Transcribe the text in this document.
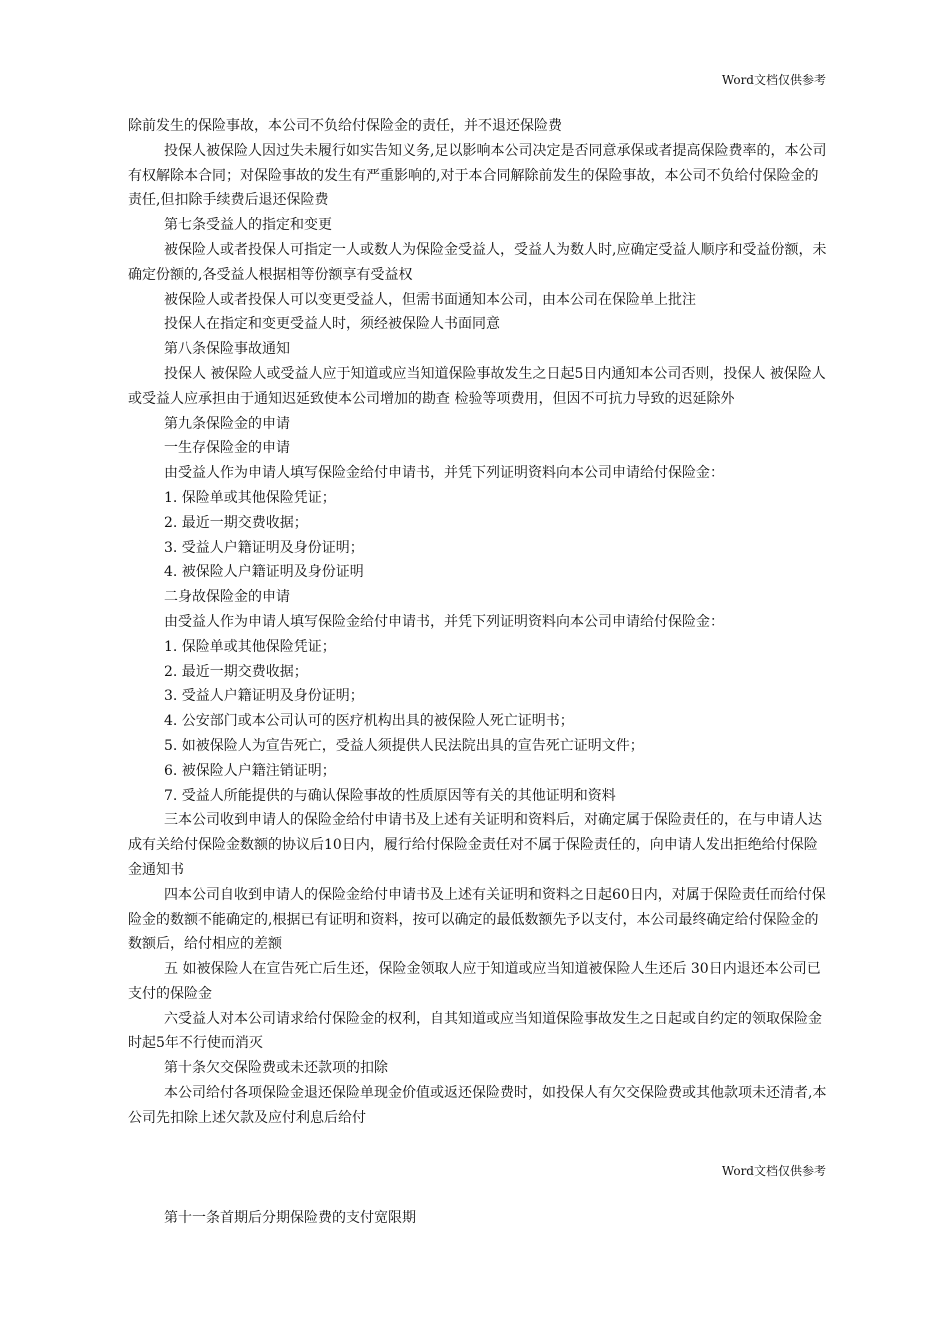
Word文档仅供参考

除前发生的保险事故，本公司不负给付保险金的责任，并不退还保险费

投保人被保险人因过失未履行如实告知义务,足以影响本公司决定是否同意承保或者提高保险费率的，本公司有权解除本合同；对保险事故的发生有严重影响的,对于本合同解除前发生的保险事故，本公司不负给付保险金的责任,但扣除手续费后退还保险费

第七条受益人的指定和变更

被保险人或者投保人可指定一人或数人为保险金受益人，受益人为数人时,应确定受益人顺序和受益份额，未确定份额的,各受益人根据相等份额享有受益权

被保险人或者投保人可以变更受益人，但需书面通知本公司，由本公司在保险单上批注

投保人在指定和变更受益人时，须经被保险人书面同意

第八条保险事故通知

投保人 被保险人或受益人应于知道或应当知道保险事故发生之日起5日内通知本公司否则，投保人 被保险人或受益人应承担由于通知迟延致使本公司增加的勘查 检验等项费用，但因不可抗力导致的迟延除外

第九条保险金的申请

一生存保险金的申请

由受益人作为申请人填写保险金给付申请书，并凭下列证明资料向本公司申请给付保险金：

1. 保险单或其他保险凭证；

2. 最近一期交费收据；

3. 受益人户籍证明及身份证明；

4. 被保险人户籍证明及身份证明

二身故保险金的申请

由受益人作为申请人填写保险金给付申请书，并凭下列证明资料向本公司申请给付保险金：

1. 保险单或其他保险凭证；

2. 最近一期交费收据；

3. 受益人户籍证明及身份证明；

4. 公安部门或本公司认可的医疗机构出具的被保险人死亡证明书；

5. 如被保险人为宣告死亡，受益人须提供人民法院出具的宣告死亡证明文件；

6. 被保险人户籍注销证明；

7. 受益人所能提供的与确认保险事故的性质原因等有关的其他证明和资料

三本公司收到申请人的保险金给付申请书及上述有关证明和资料后，对确定属于保险责任的，在与申请人达成有关给付保险金数额的协议后10日内，履行给付保险金责任对不属于保险责任的，向申请人发出拒绝给付保险金通知书

四本公司自收到申请人的保险金给付申请书及上述有关证明和资料之日起60日内，对属于保险责任而给付保险金的数额不能确定的,根据已有证明和资料，按可以确定的最低数额先予以支付，本公司最终确定给付保险金的数额后，给付相应的差额

五 如被保险人在宣告死亡后生还，保险金领取人应于知道或应当知道被保险人生还后 30日内退还本公司已支付的保险金

六受益人对本公司请求给付保险金的权利，自其知道或应当知道保险事故发生之日起或自约定的领取保险金时起5年不行使而消灭

第十条欠交保险费或未还款项的扣除

本公司给付各项保险金退还保险单现金价值或返还保险费时，如投保人有欠交保险费或其他款项未还清者,本公司先扣除上述欠款及应付利息后给付

Word文档仅供参考
第十一条首期后分期保险费的支付宽限期
